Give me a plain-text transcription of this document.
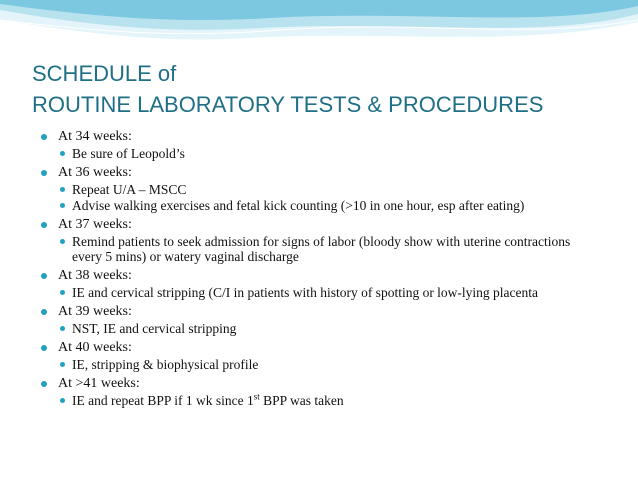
SCHEDULE of
ROUTINE LABORATORY TESTS & PROCEDURES
At 34 weeks:
Be sure of Leopold’s
At 36 weeks:
Repeat U/A – MSCC
Advise walking exercises and fetal kick counting (>10 in one hour, esp after eating)
At 37 weeks:
Remind patients to seek admission for signs of labor (bloody show with uterine contractions every 5 mins) or watery vaginal discharge
At 38 weeks:
IE and cervical stripping (C/I in patients with history of spotting or low-lying placenta
At 39 weeks:
NST, IE and cervical stripping
At 40 weeks:
IE, stripping & biophysical profile
At >41 weeks:
IE and repeat BPP if 1 wk since 1st BPP was taken
